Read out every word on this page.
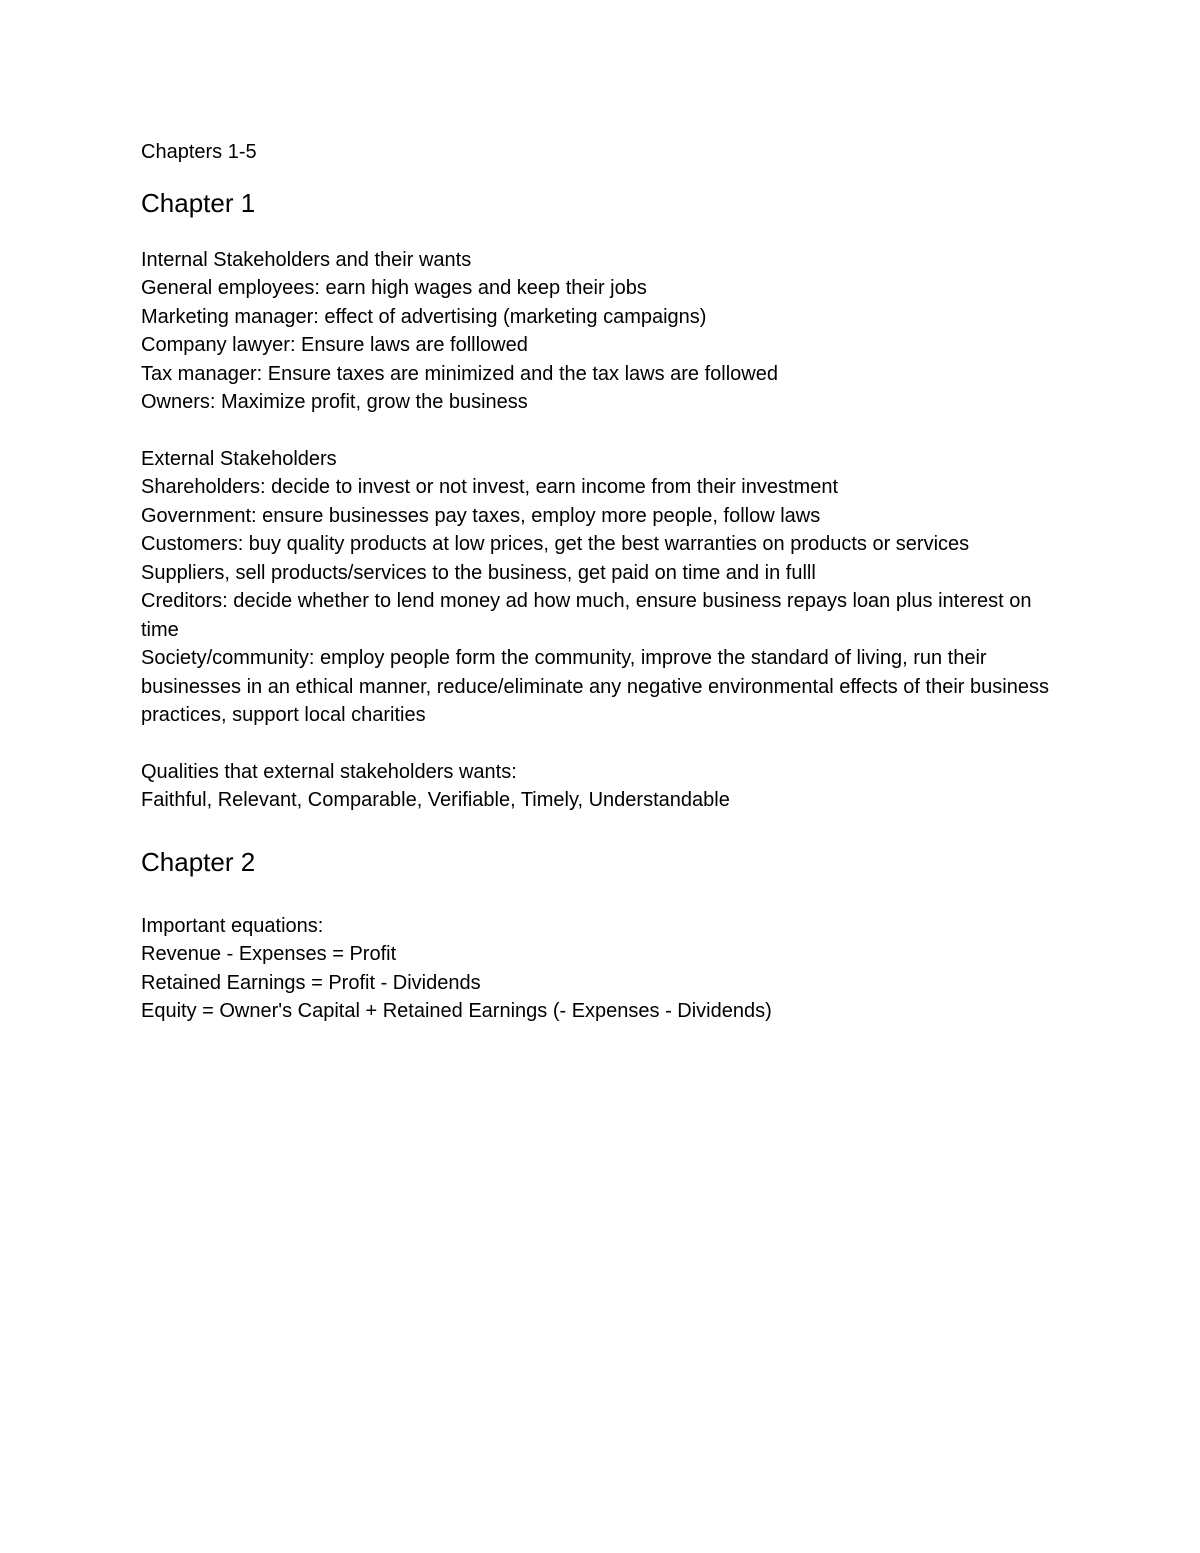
Chapters 1-5

Chapter 1

Internal Stakeholders and their wants

General employees: earn high wages and keep their jobs

Marketing manager: effect of advertising (marketing campaigns)

Company lawyer: Ensure laws are folllowed

Tax manager: Ensure taxes are minimized and the tax laws are followed

Owners: Maximize profit, grow the business

External Stakeholders

Shareholders: decide to invest or not invest, earn income from their investment

Government: ensure businesses pay taxes, employ more people, follow laws

Customers: buy quality products at low prices, get the best warranties on products or services

Suppliers, sell products/services to the business, get paid on time and in fulll

Creditors: decide whether to lend money ad how much, ensure business repays loan plus interest on time

Society/community: employ people form the community, improve the standard of living, run their businesses in an ethical manner, reduce/eliminate any negative environmental effects of their business practices, support local charities

Qualities that external stakeholders wants:

Faithful, Relevant, Comparable, Verifiable, Timely, Understandable

Chapter 2

Important equations:

Revenue - Expenses = Profit

Retained Earnings = Profit - Dividends

Equity = Owner's Capital + Retained Earnings (- Expenses - Dividends)
